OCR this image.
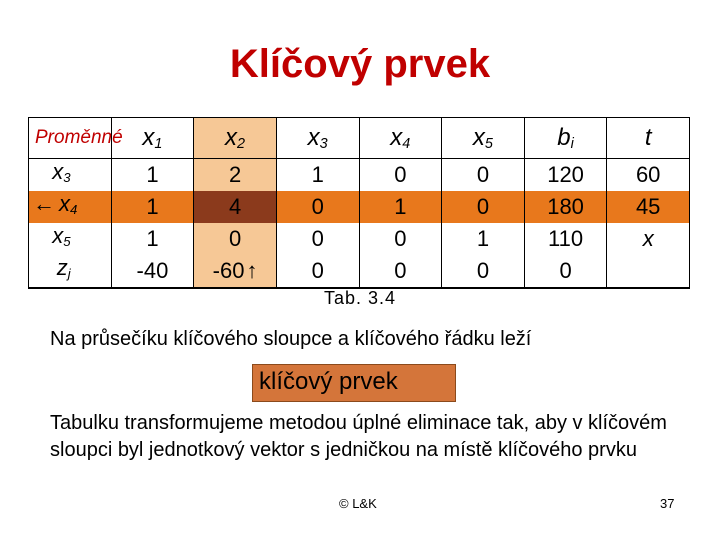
Klíčový prvek
Proměnné	$x_1$	$x_2$	$x_3$	$x_4$	$x_5$	$b_i$	t
$x_3$	1	2	1	0	0	120	60
← $x_4$	1	4	0	1	0	180	45
$x_5$	1	0	0	0	1	110	x
$z_j$	-40	-60↑	0	0	0	0	
Tab. 3.4
Na průsečíku klíčového sloupce a klíčového řádku leží
klíčový prvek
Tabulku transformujeme metodou úplné eliminace tak, aby v klíčovém sloupci byl jednotkový vektor s jedničkou na místě klíčového prvku
© L&K	37
